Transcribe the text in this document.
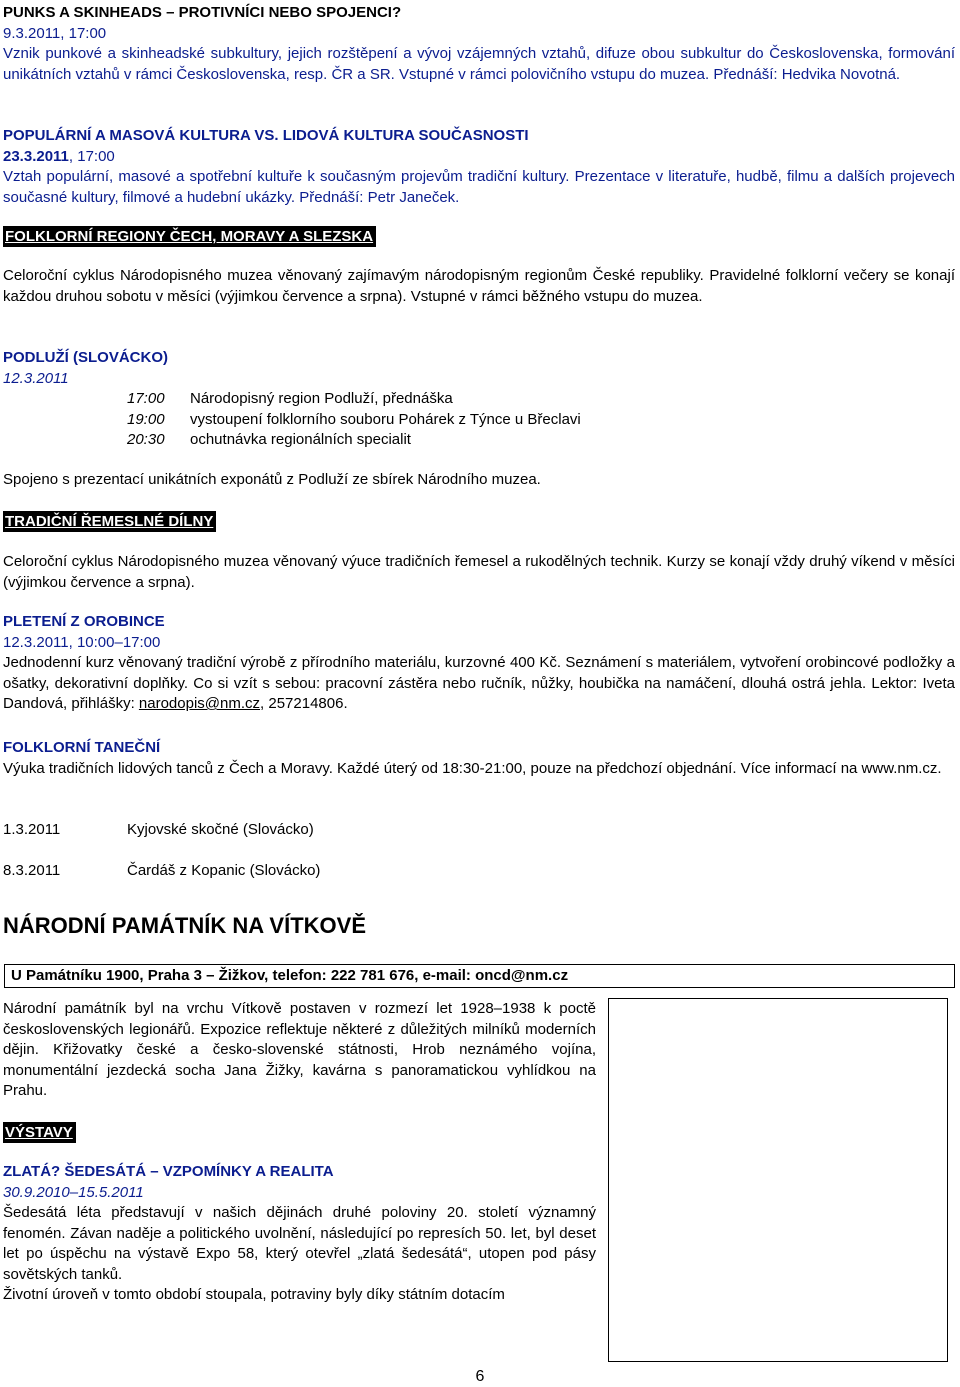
PUNKS A SKINHEADS – PROTIVNÍCI NEBO SPOJENCI?

9.3.2011, 17:00

Vznik punkové a skinheadské subkultury, jejich rozštěpení a vývoj vzájemných vztahů, difuze obou subkultur do Československa, formování unikátních vztahů v rámci Československa, resp. ČR a SR. Vstupné v rámci polovičního vstupu do muzea. Přednáší: Hedvika Novotná.

POPULÁRNÍ A MASOVÁ KULTURA VS. LIDOVÁ KULTURA SOUČASNOSTI

23.3.2011, 17:00

Vztah populární, masové a spotřební kultuře k současným projevům tradiční kultury. Prezentace v literatuře, hudbě, filmu a dalších projevech současné kultury, filmové a hudební ukázky. Přednáší: Petr Janeček.

FOLKLORNÍ REGIONY ČECH, MORAVY A SLEZSKA

Celoroční cyklus Národopisného muzea věnovaný zajímavým národopisným regionům České republiky. Pravidelné folklorní večery se konají každou druhou sobotu v měsíci (výjimkou července a srpna). Vstupné v rámci běžného vstupu do muzea.

PODLUŽÍ (SLOVÁCKO)

12.3.2011

17:00 Národopisný region Podluží, přednáška
19:00 vystoupení folklorního souboru Pohárek z Týnce u Břeclavi
20:30 ochutnávka regionálních specialit

Spojeno s prezentací unikátních exponátů z Podluží ze sbírek Národního muzea.

TRADIČNÍ ŘEMESLNÉ DÍLNY

Celoroční cyklus Národopisného muzea věnovaný výuce tradičních řemesel a rukodělných technik. Kurzy se konají vždy druhý víkend v měsíci (výjimkou července a srpna).

PLETENÍ Z OROBINCE

12.3.2011, 10:00–17:00

Jednodenní kurz věnovaný tradiční výrobě z přírodního materiálu, kurzovné 400 Kč. Seznámení s materiálem, vytvoření orobincové podložky a ošatky, dekorativní doplňky. Co si vzít s sebou: pracovní zástěra nebo ručník, nůžky, houbička na namáčení, dlouhá ostrá jehla. Lektor: Iveta Dandová, přihlášky: narodopis@nm.cz, 257214806.

FOLKLORNÍ TANEČNÍ

Výuka tradičních lidových tanců z Čech a Moravy. Každé úterý od 18:30-21:00, pouze na předchozí objednání. Více informací na www.nm.cz.

1.3.2011	Kyjovské skočné (Slovácko)
8.3.2011	Čardáš z Kopanic (Slovácko)

NÁRODNÍ PAMÁTNÍK NA VÍTKOVĚ

U Památníku 1900, Praha 3 – Žižkov, telefon: 222 781 676, e-mail: oncd@nm.cz

Národní památník byl na vrchu Vítkově postaven v rozmezí let 1928–1938 k poctě československých legionářů. Expozice reflektuje některé z důležitých milníků moderních dějin. Křižovatky české a česko-slovenské státnosti, Hrob neznámého vojína, monumentální jezdecká socha Jana Žižky, kavárna s panoramatickou vyhlídkou na Prahu.

VÝSTAVY

ZLATÁ? ŠEDESÁTÁ – VZPOMÍNKY A REALITA

30.9.2010–15.5.2011

Šedesátá léta představují v našich dějinách druhé poloviny 20. století významný fenomén. Závan naděje a politického uvolnění, následující po represích 50. let, byl deset let po úspěchu na výstavě Expo 58, který otevřel „zlatá šedesátá“, utopen pod pásy sovětských tanků.

Životní úroveň v tomto období stoupala, potraviny byly díky státním dotacím

6
